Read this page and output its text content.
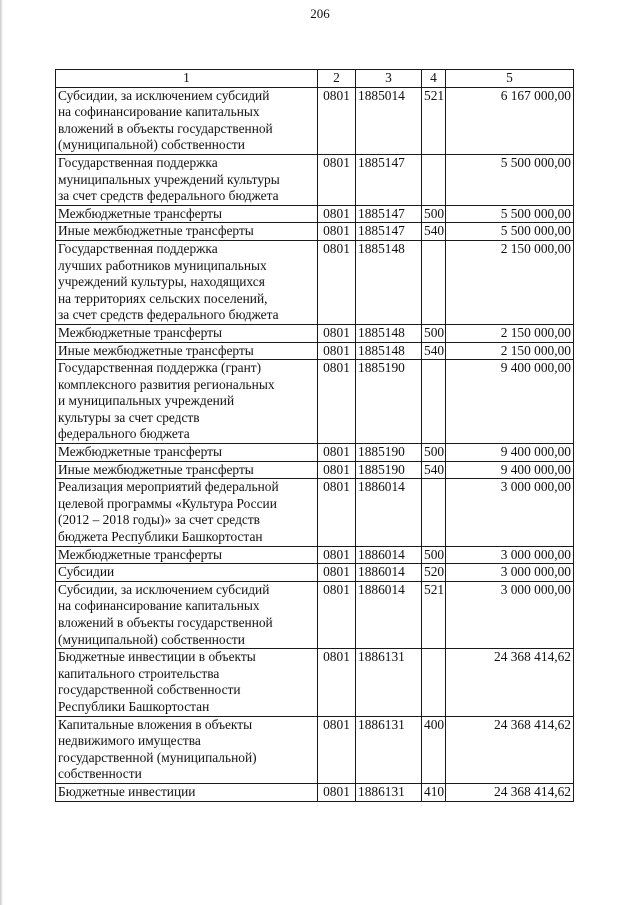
206
1	2	3	4	5
Субсидии, за исключением субсидий
на софинансирование капитальных
вложений в объекты государственной
(муниципальной) собственности	0801	1885014	521	6 167 000,00
Государственная поддержка
муниципальных учреждений культуры
за счет средств федерального бюджета	0801	1885147		5 500 000,00
Межбюджетные трансферты	0801	1885147	500	5 500 000,00
Иные межбюджетные трансферты	0801	1885147	540	5 500 000,00
Государственная поддержка
лучших работников муниципальных
учреждений культуры, находящихся
на территориях сельских поселений,
за счет средств федерального бюджета	0801	1885148		2 150 000,00
Межбюджетные трансферты	0801	1885148	500	2 150 000,00
Иные межбюджетные трансферты	0801	1885148	540	2 150 000,00
Государственная поддержка (грант)
комплексного развития региональных
и муниципальных учреждений
культуры за счет средств
федерального бюджета	0801	1885190		9 400 000,00
Межбюджетные трансферты	0801	1885190	500	9 400 000,00
Иные межбюджетные трансферты	0801	1885190	540	9 400 000,00
Реализация мероприятий федеральной
целевой программы «Культура России
(2012 – 2018 годы)» за счет средств
бюджета Республики Башкортостан	0801	1886014		3 000 000,00
Межбюджетные трансферты	0801	1886014	500	3 000 000,00
Субсидии	0801	1886014	520	3 000 000,00
Субсидии, за исключением субсидий
на софинансирование капитальных
вложений в объекты государственной
(муниципальной) собственности	0801	1886014	521	3 000 000,00
Бюджетные инвестиции в объекты
капитального строительства
государственной собственности
Республики Башкортостан	0801	1886131		24 368 414,62
Капитальные вложения в объекты
недвижимого имущества
государственной (муниципальной)
собственности	0801	1886131	400	24 368 414,62
Бюджетные инвестиции	0801	1886131	410	24 368 414,62
